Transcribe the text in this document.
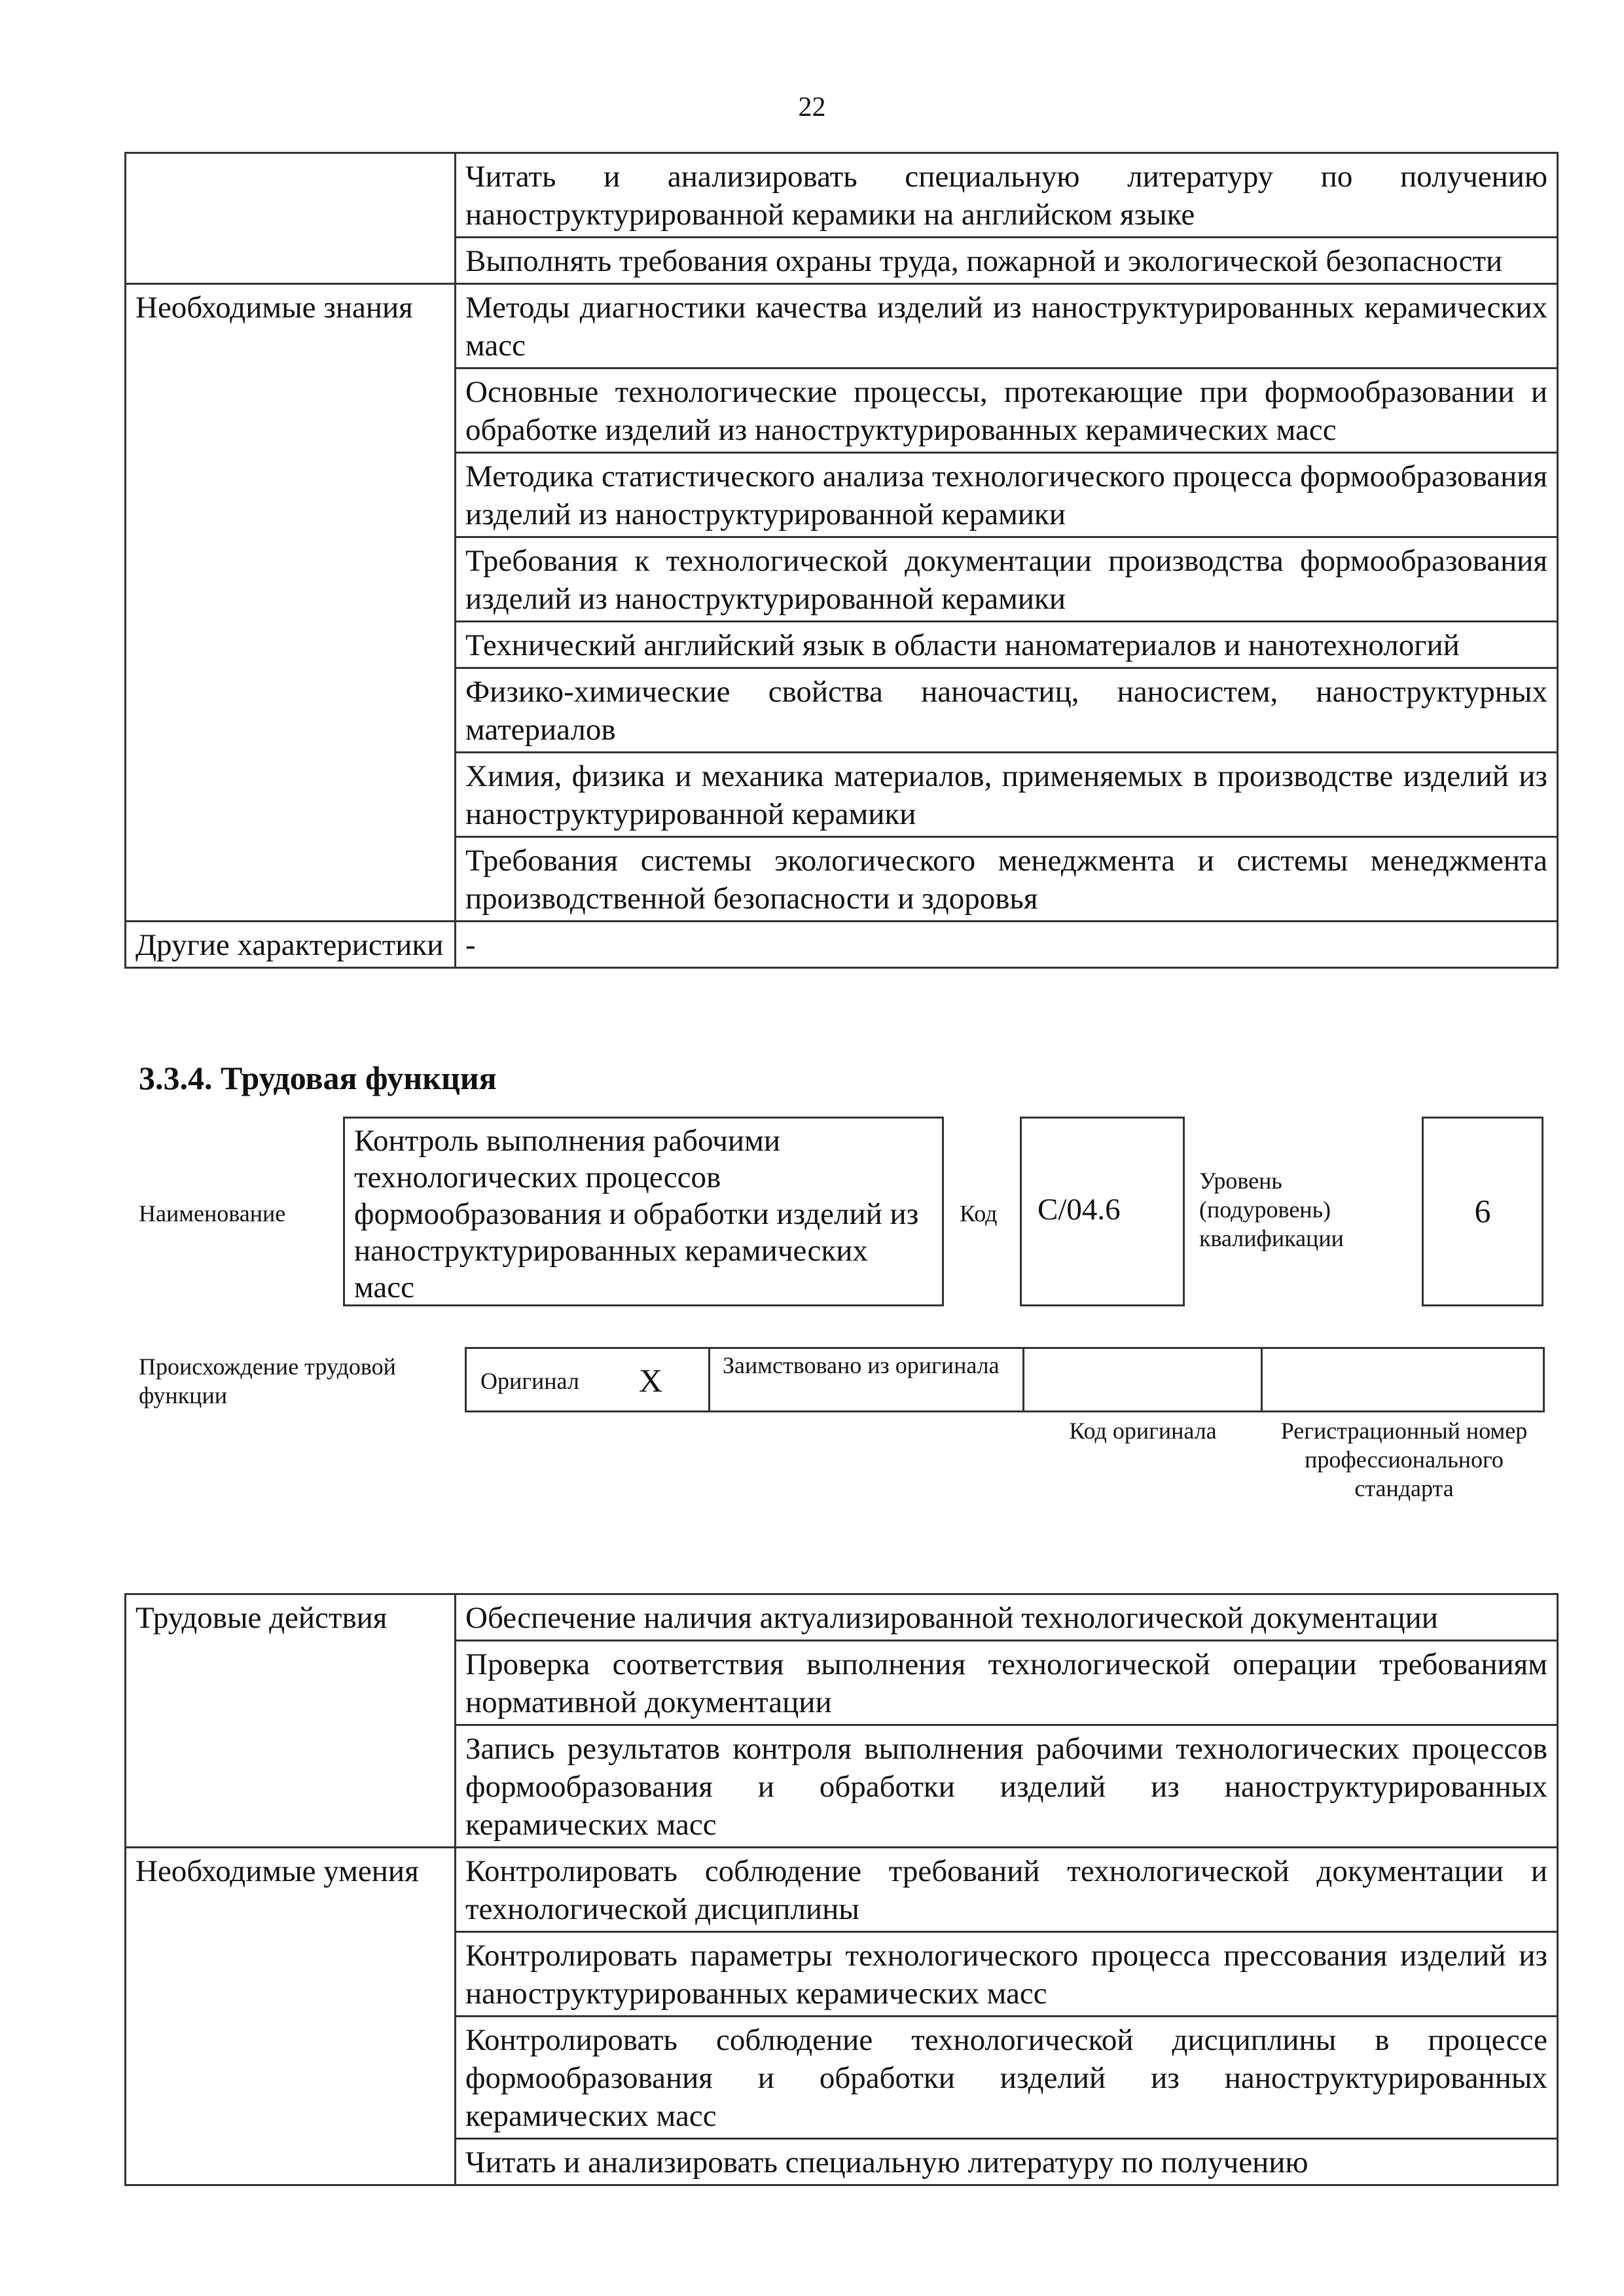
22
	Читать и анализировать специальную литературу по получению наноструктурированной керамики на английском языке
	Выполнять требования охраны труда, пожарной и экологической безопасности
Необходимые знания	Методы диагностики качества изделий из наноструктурированных керамических масс
	Основные технологические процессы, протекающие при формообразовании и обработке изделий из наноструктурированных керамических масс
	Методика статистического анализа технологического процесса формообразования изделий из наноструктурированной керамики
	Требования к технологической документации производства формообразования изделий из наноструктурированной керамики
	Технический английский язык в области наноматериалов и нанотехнологий
	Физико-химические свойства наночастиц, наносистем, наноструктурных материалов
	Химия, физика и механика материалов, применяемых в производстве изделий из наноструктурированной керамики
	Требования системы экологического менеджмента и системы менеджмента производственной безопасности и здоровья
Другие характеристики	-
3.3.4. Трудовая функция
Наименование
Контроль выполнения рабочими технологических процессов формообразования и обработки изделий из наноструктурированных керамических масс
Код	C/04.6
Уровень (подуровень) квалификации
6
Происхождение трудовой функции
Оригинал X	Заимствовано из оригинала
Код оригинала	Регистрационный номер профессионального стандарта
Трудовые действия	Обеспечение наличия актуализированной технологической документации
	Проверка соответствия выполнения технологической операции требованиям нормативной документации
	Запись результатов контроля выполнения рабочими технологических процессов формообразования и обработки изделий из наноструктурированных керамических масс
Необходимые умения	Контролировать соблюдение требований технологической документации и технологической дисциплины
	Контролировать параметры технологического процесса прессования изделий из наноструктурированных керамических масс
	Контролировать соблюдение технологической дисциплины в процессе формообразования и обработки изделий из наноструктурированных керамических масс
	Читать и анализировать специальную литературу по получению
